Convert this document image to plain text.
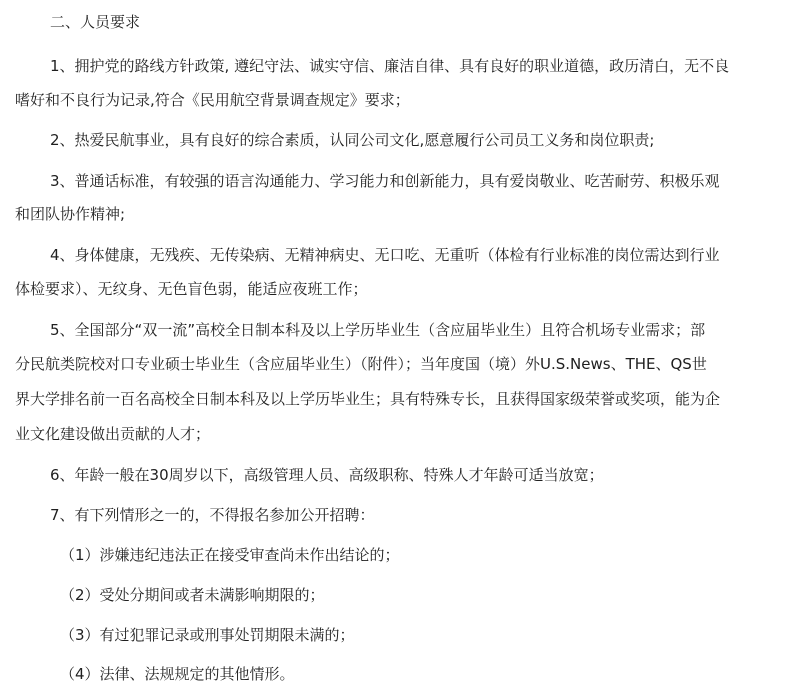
二、人员要求
1、拥护党的路线方针政策, 遵纪守法、诚实守信、廉洁自律、具有良好的职业道德，政历清白，无不良
嗜好和不良行为记录,符合《民用航空背景调查规定》要求；
2、热爱民航事业，具有良好的综合素质，认同公司文化,愿意履行公司员工义务和岗位职责;
3、普通话标准，有较强的语言沟通能力、学习能力和创新能力，具有爱岗敬业、吃苦耐劳、积极乐观
和团队协作精神;
4、身体健康，无残疾、无传染病、无精神病史、无口吃、无重听（体检有行业标准的岗位需达到行业
体检要求）、无纹身、无色盲色弱，能适应夜班工作；
5、全国部分“双一流”高校全日制本科及以上学历毕业生（含应届毕业生）且符合机场专业需求；部
分民航类院校对口专业硕士毕业生（含应届毕业生）（附件）；当年度国（境）外U.S.News、THE、QS世
界大学排名前一百名高校全日制本科及以上学历毕业生；具有特殊专长，且获得国家级荣誉或奖项，能为企
业文化建设做出贡献的人才；
6、年龄一般在30周岁以下，高级管理人员、高级职称、特殊人才年龄可适当放宽；
7、有下列情形之一的，不得报名参加公开招聘：
（1）涉嫌违纪违法正在接受审查尚未作出结论的；
（2）受处分期间或者未满影响期限的；
（3）有过犯罪记录或刑事处罚期限未满的；
（4）法律、法规规定的其他情形。
